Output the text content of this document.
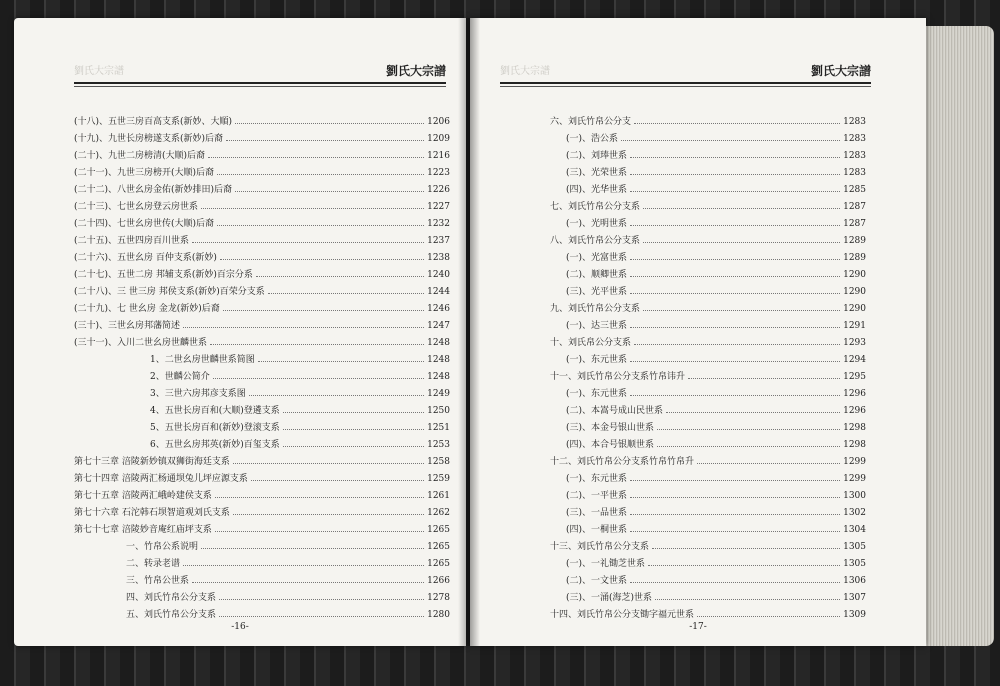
劉氏大宗譜	劉氏大宗譜
(十八)、五世三房百高支系(新妙、大順)	1206
(十九)、九世长房榜遂支系(新妙)后裔	1209
(二十)、九世二房榜清(大顺)后裔	1216
(二十一)、九世三房榜开(大顺)后裔	1223
(二十二)、八世幺房金佑(新妙排田)后裔	1226
(二十三)、七世幺房登云房世系	1227
(二十四)、七世幺房世传(大顺)后裔	1232
(二十五)、五世四房百川世系	1237
(二十六)、五世幺房 百仲支系(新妙)	1238
(二十七)、五世二房 邦辅支系(新妙)百宗分系	1240
(二十八)、三 世三房 邦侯支系(新妙)百荣分支系	1244
(二十九)、七 世幺房 金龙(新妙)后裔	1246
(三十)、三世幺房邦藩简述	1247
(三十一)、入川二世幺房世麟世系	1248
1、二世幺房世麟世系简图	1248
2、世麟公简介	1248
3、三世六房邦彦支系图	1249
4、五世长房百和(大顺)登遴支系	1250
5、五世长房百和(新妙)登滚支系	1251
6、五世幺房邦英(新妙)百玺支系	1253
第七十三章 涪陵新妙镇双狮街海廷支系	1258
第七十四章 涪陵两汇杨通坝兔儿坪应源支系	1259
第七十五章 涪陵两汇峨岭建侯支系	1261
第七十六章 石沱韩石坝智道观刘氏支系	1262
第七十七章 涪陵妙音庵红庙坪支系	1265
一、竹帛公系说明	1265
二、转录老谱	1265
三、竹帛公世系	1266
四、刘氏竹帛公分支系	1278
五、刘氏竹帛公分支系	1280
-16-
劉氏大宗譜	劉氏大宗譜
六、刘氏竹帛公分支	1283
(一)、浩公系	1283
(二)、刘琫世系	1283
(三)、光荣世系	1283
(四)、光华世系	1285
七、刘氏竹帛公分支系	1287
(一)、光明世系	1287
八、刘氏竹帛公分支系	1289
(一)、光富世系	1289
(二)、顺卿世系	1290
(三)、光平世系	1290
九、刘氏竹帛公分支系	1290
(一)、达三世系	1291
十、刘氏帛公分支系	1293
(一)、东元世系	1294
十一、刘氏竹帛公分支系竹帛讳升	1295
(一)、东元世系	1296
(二)、本嵩号成山民世系	1296
(三)、本金号银山世系	1298
(四)、本合号银顺世系	1298
十二、刘氏竹帛公分支系竹帛竹帛升	1299
(一)、东元世系	1299
(二)、一平世系	1300
(三)、一品世系	1302
(四)、一桐世系	1304
十三、刘氏竹帛公分支系	1305
(一)、一礼锄芝世系	1305
(二)、一文世系	1306
(三)、一涌(海芝)世系	1307
十四、刘氏竹帛公分支锄字福元世系	1309
-17-
